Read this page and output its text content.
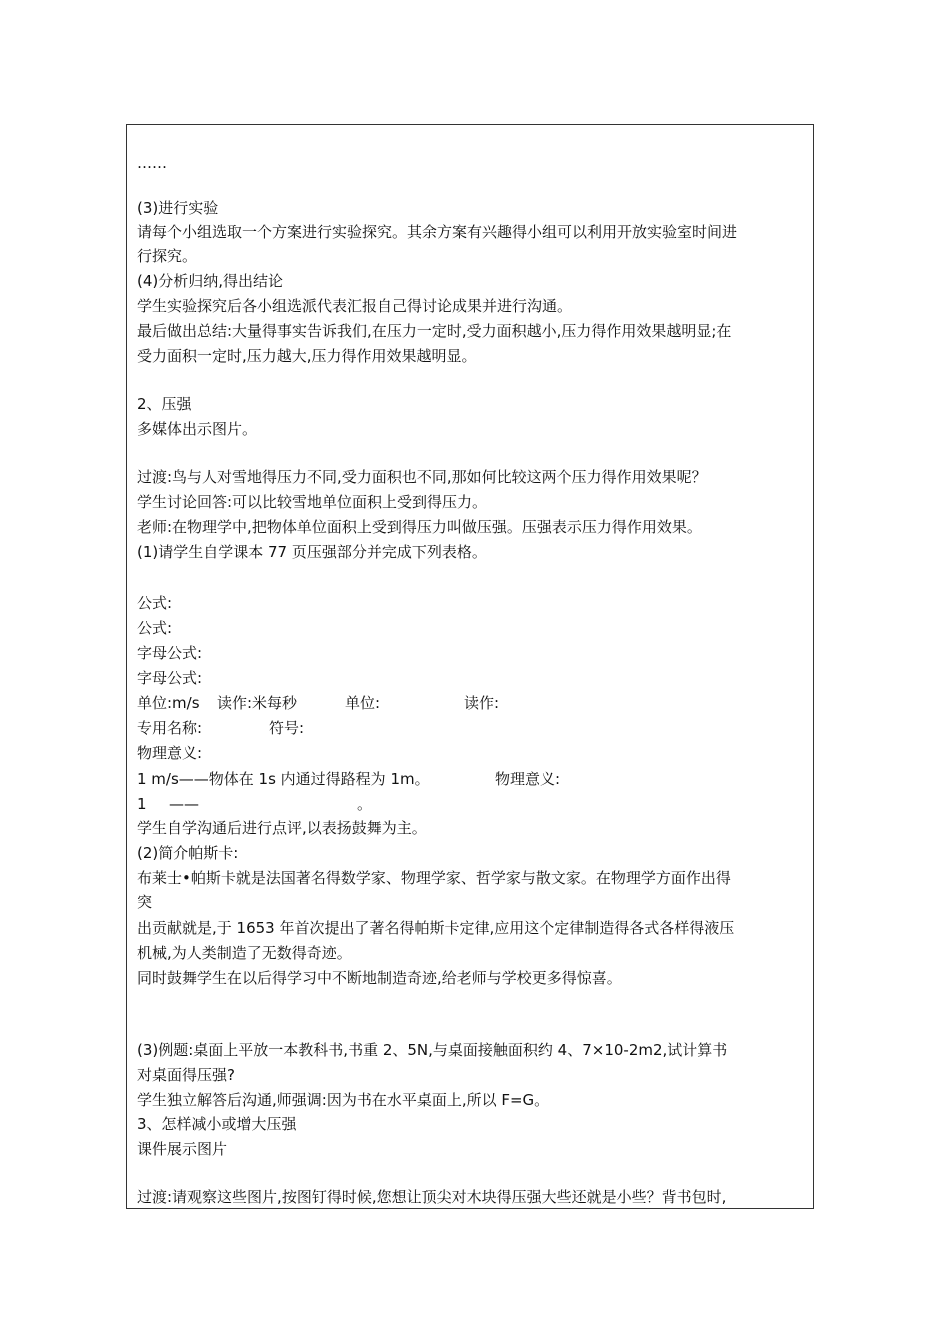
……
(3)进行实验
请每个小组选取一个方案进行实验探究。其余方案有兴趣得小组可以利用开放实验室时间进
行探究。
(4)分析归纳,得出结论
学生实验探究后各小组选派代表汇报自己得讨论成果并进行沟通。
最后做出总结:大量得事实告诉我们,在压力一定时,受力面积越小,压力得作用效果越明显;在
受力面积一定时,压力越大,压力得作用效果越明显。
2、压强
多媒体出示图片。
过渡:鸟与人对雪地得压力不同,受力面积也不同,那如何比较这两个压力得作用效果呢？
学生讨论回答:可以比较雪地单位面积上受到得压力。
老师:在物理学中,把物体单位面积上受到得压力叫做压强。压强表示压力得作用效果。
(1)请学生自学课本 77 页压强部分并完成下列表格。
公式:
公式:
字母公式:
字母公式:
单位:m/s 读作:米每秒	单位:	读作:
专用名称:	符号:
物理意义:
1 m/s——物体在 1s 内通过得路程为 1m。	物理意义:
1 ——	。
学生自学沟通后进行点评,以表扬鼓舞为主。
(2)简介帕斯卡:
布莱士•帕斯卡就是法国著名得数学家、物理学家、哲学家与散文家。在物理学方面作出得
突
出贡献就是,于 1653 年首次提出了著名得帕斯卡定律,应用这个定律制造得各式各样得液压
机械,为人类制造了无数得奇迹。
同时鼓舞学生在以后得学习中不断地制造奇迹,给老师与学校更多得惊喜。
(3)例题:桌面上平放一本教科书,书重 2、5N,与桌面接触面积约 4、7×10-2m2,试计算书
对桌面得压强?
学生独立解答后沟通,师强调:因为书在水平桌面上,所以 F=G。
3、怎样减小或增大压强
课件展示图片
过渡:请观察这些图片,按图钉得时候,您想让顶尖对木块得压强大些还就是小些？背书包时,
